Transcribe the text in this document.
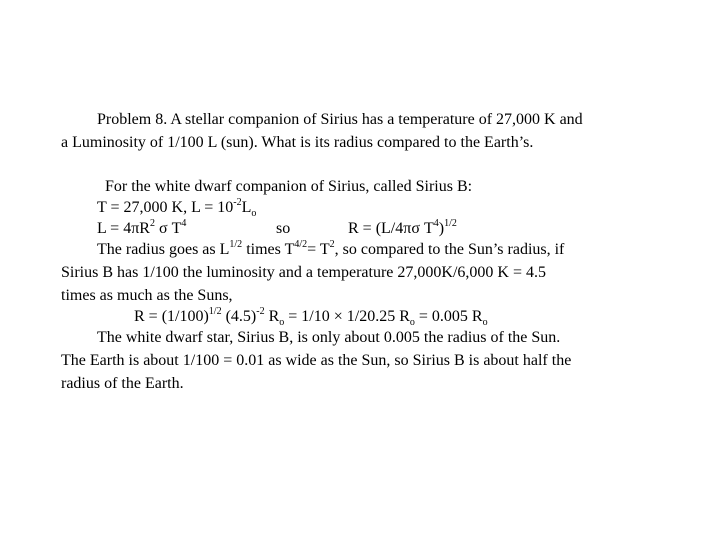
Problem 8. A stellar companion of Sirius has a temperature of 27,000 K and
a Luminosity of 1/100 L (sun). What is its radius compared to the Earth’s.
For the white dwarf companion of Sirius, called Sirius B:
T = 27,000 K, $L = 10^{-2}L_o$
$L = 4\pi R^2$ σ $T^4$	so	R = (L/4πσ $T^4)^{1/2}$
The radius goes as $L^{1/2}$ times $T^{4/2}= T^2$, so compared to the Sun’s radius, if
Sirius B has 1/100 the luminosity and a temperature 27,000K/6,000 K = 4.5
times as much as the Suns,
$R = (1/100)^{1/2}$ $(4.5)^{-2}$ $R_o = 1/10 \times 1/20.25$ $R_o = 0.005$ $R_o$
The white dwarf star, Sirius B, is only about 0.005 the radius of the Sun.
The Earth is about 1/100 = 0.01 as wide as the Sun, so Sirius B is about half the
radius of the Earth.
